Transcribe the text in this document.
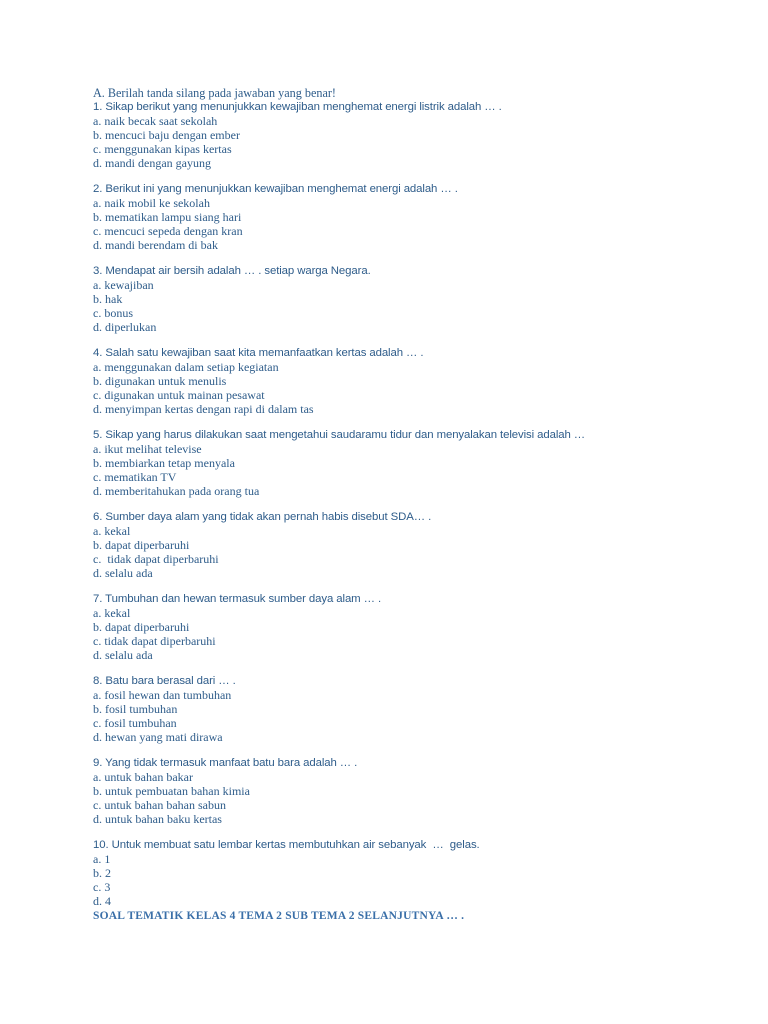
A. Berilah tanda silang pada jawaban yang benar!
1. Sikap berikut yang menunjukkan kewajiban menghemat energi listrik adalah … .
a. naik becak saat sekolah
b. mencuci baju dengan ember
c. menggunakan kipas kertas
d. mandi dengan gayung
2. Berikut ini yang menunjukkan kewajiban menghemat energi adalah … .
a. naik mobil ke sekolah
b. mematikan lampu siang hari
c. mencuci sepeda dengan kran
d. mandi berendam di bak
3. Mendapat air bersih adalah … . setiap warga Negara.
a. kewajiban
b. hak
c. bonus
d. diperlukan
4. Salah satu kewajiban saat kita memanfaatkan kertas adalah … .
a. menggunakan dalam setiap kegiatan
b. digunakan untuk menulis
c. digunakan untuk mainan pesawat
d. menyimpan kertas dengan rapi di dalam tas
5. Sikap yang harus dilakukan saat mengetahui saudaramu tidur dan menyalakan televisi adalah …
a. ikut melihat televise
b. membiarkan tetap menyala
c. mematikan TV
d. memberitahukan pada orang tua
6. Sumber daya alam yang tidak akan pernah habis disebut SDA… .
a. kekal
b. dapat diperbaruhi
c.  tidak dapat diperbaruhi
d. selalu ada
7. Tumbuhan dan hewan termasuk sumber daya alam … .
a. kekal
b. dapat diperbaruhi
c. tidak dapat diperbaruhi
d. selalu ada
8. Batu bara berasal dari … .
a. fosil hewan dan tumbuhan
b. fosil tumbuhan
c. fosil tumbuhan
d. hewan yang mati dirawa
9. Yang tidak termasuk manfaat batu bara adalah … .
a. untuk bahan bakar
b. untuk pembuatan bahan kimia
c. untuk bahan bahan sabun
d. untuk bahan baku kertas
10. Untuk membuat satu lembar kertas membutuhkan air sebanyak  …  gelas.
a. 1
b. 2
c. 3
d. 4
SOAL TEMATIK KELAS 4 TEMA 2 SUB TEMA 2 SELANJUTNYA … .
